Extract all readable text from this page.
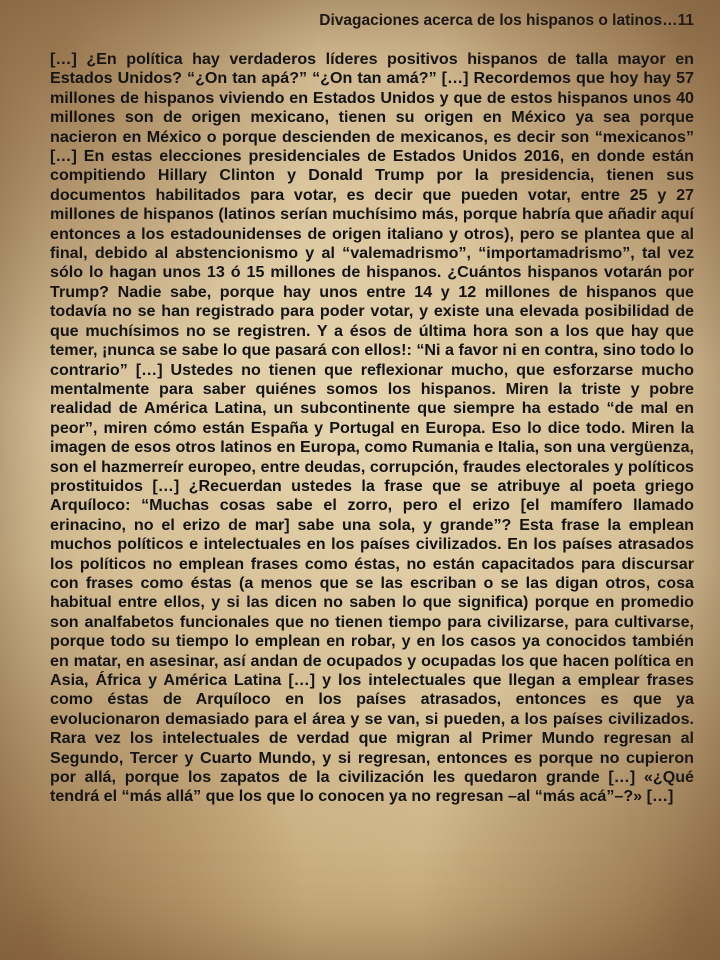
Divagaciones acerca de los hispanos o latinos…11

[…] ¿En política hay verdaderos líderes positivos hispanos de talla mayor en Estados Unidos? “¿On tan apá?” “¿On tan amá?” […] Recordemos que hoy hay 57 millones de hispanos viviendo en Estados Unidos y que de estos hispanos unos 40 millones son de origen mexicano, tienen su origen en México ya sea porque nacieron en México o porque descienden de mexicanos, es decir son “mexicanos” […] En estas elecciones presidenciales de Estados Unidos 2016, en donde están compitiendo Hillary Clinton y Donald Trump por la presidencia, tienen sus documentos habilitados para votar, es decir que pueden votar, entre 25 y 27 millones de hispanos (latinos serían muchísimo más, porque habría que añadir aquí entonces a los estadounidenses de origen italiano y otros), pero se plantea que al final, debido al abstencionismo y al “valemadrismo”, “importamadrismo”, tal vez sólo lo hagan unos 13 ó 15 millones de hispanos. ¿Cuántos hispanos votarán por Trump? Nadie sabe, porque hay unos entre 14 y 12 millones de hispanos que todavía no se han registrado para poder votar, y existe una elevada posibilidad de que muchísimos no se registren. Y a ésos de última hora son a los que hay que temer, ¡nunca se sabe lo que pasará con ellos!: “Ni a favor ni en contra, sino todo lo contrario” […] Ustedes no tienen que reflexionar mucho, que esforzarse mucho mentalmente para saber quiénes somos los hispanos. Miren la triste y pobre realidad de América Latina, un subcontinente que siempre ha estado “de mal en peor”, miren cómo están España y Portugal en Europa. Eso lo dice todo. Miren la imagen de esos otros latinos en Europa, como Rumania e Italia, son una vergüenza, son el hazmerreír europeo, entre deudas, corrupción, fraudes electorales y políticos prostituidos […] ¿Recuerdan ustedes la frase que se atribuye al poeta griego Arquíloco: “Muchas cosas sabe el zorro, pero el erizo [el mamífero llamado erinacino, no el erizo de mar] sabe una sola, y grande”? Esta frase la emplean muchos políticos e intelectuales en los países civilizados. En los países atrasados los políticos no emplean frases como éstas, no están capacitados para discursar con frases como éstas (a menos que se las escriban o se las digan otros, cosa habitual entre ellos, y si las dicen no saben lo que significa) porque en promedio son analfabetos funcionales que no tienen tiempo para civilizarse, para cultivarse, porque todo su tiempo lo emplean en robar, y en los casos ya conocidos también en matar, en asesinar, así andan de ocupados y ocupadas los que hacen política en Asia, África y América Latina […] y los intelectuales que llegan a emplear frases como éstas de Arquíloco en los países atrasados, entonces es que ya evolucionaron demasiado para el área y se van, si pueden, a los países civilizados. Rara vez los intelectuales de verdad que migran al Primer Mundo regresan al Segundo, Tercer y Cuarto Mundo, y si regresan, entonces es porque no cupieron por allá, porque los zapatos de la civilización les quedaron grande […] «¿Qué tendrá el “más allá” que los que lo conocen ya no regresan –al “más acá”–?» […]
